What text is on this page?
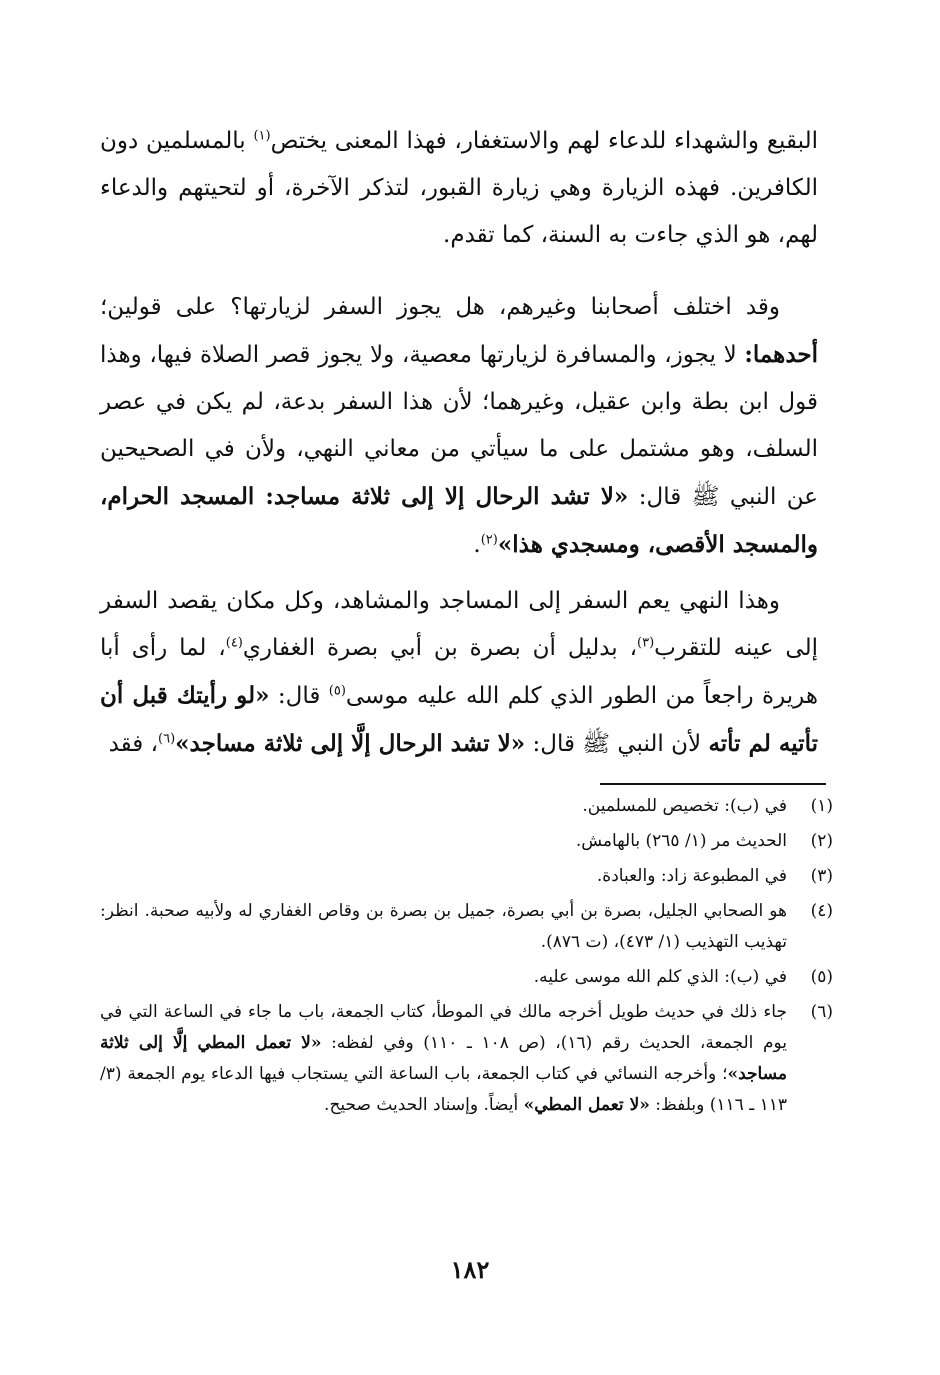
البقيع والشهداء للدعاء لهم والاستغفار، فهذا المعنى يختص$^{(١)}$ بالمسلمين دون الكافرين. فهذه الزيارة وهي زيارة القبور، لتذكر الآخرة، أو لتحيتهم والدعاء لهم، هو الذي جاءت به السنة، كما تقدم.

وقد اختلف أصحابنا وغيرهم، هل يجوز السفر لزيارتها؟ على قولين؛ أحدهما: لا يجوز، والمسافرة لزيارتها معصية، ولا يجوز قصر الصلاة فيها، وهذا قول ابن بطة وابن عقيل، وغيرهما؛ لأن هذا السفر بدعة، لم يكن في عصر السلف، وهو مشتمل على ما سيأتي من معاني النهي، ولأن في الصحيحين عن النبي ﷺ قال: «لا تشد الرحال إلا إلى ثلاثة مساجد: المسجد الحرام، والمسجد الأقصى، ومسجدي هذا»$^{(٢)}$.

وهذا النهي يعم السفر إلى المساجد والمشاهد، وكل مكان يقصد السفر إلى عينه للتقرب$^{(٣)}$، بدليل أن بصرة بن أبي بصرة الغفاري$^{(٤)}$، لما رأى أبا هريرة راجعاً من الطور الذي كلم الله عليه موسى$^{(٥)}$ قال: «لو رأيتك قبل أن تأتيه لم تأته لأن النبي ﷺ قال: «لا تشد الرحال إلَّا إلى ثلاثة مساجد»$^{(٦)}$، فقد

(١)
في (ب): تخصيص للمسلمين.
(٢)
الحديث مر (١/ ٢٦٥) بالهامش.
(٣)
في المطبوعة زاد: والعبادة.
(٤)
هو الصحابي الجليل، بصرة بن أبي بصرة، جميل بن بصرة بن وقاص الغفاري له ولأبيه صحبة. انظر: تهذيب التهذيب (١/ ٤٧٣)، (ت ٨٧٦).
(٥)
في (ب): الذي كلم الله موسى عليه.
(٦)
جاء ذلك في حديث طويل أخرجه مالك في الموطأ، كتاب الجمعة، باب ما جاء في الساعة التي في يوم الجمعة، الحديث رقم (١٦)، (ص ١٠٨ ـ ١١٠) وفي لفظه: «لا تعمل المطي إلَّا إلى ثلاثة مساجد»؛ وأخرجه النسائي في كتاب الجمعة، باب الساعة التي يستجاب فيها الدعاء يوم الجمعة (٣/ ١١٣ ـ ١١٦) وبلفظ: «لا تعمل المطي» أيضاً. وإسناد الحديث صحيح.
١٨٢
